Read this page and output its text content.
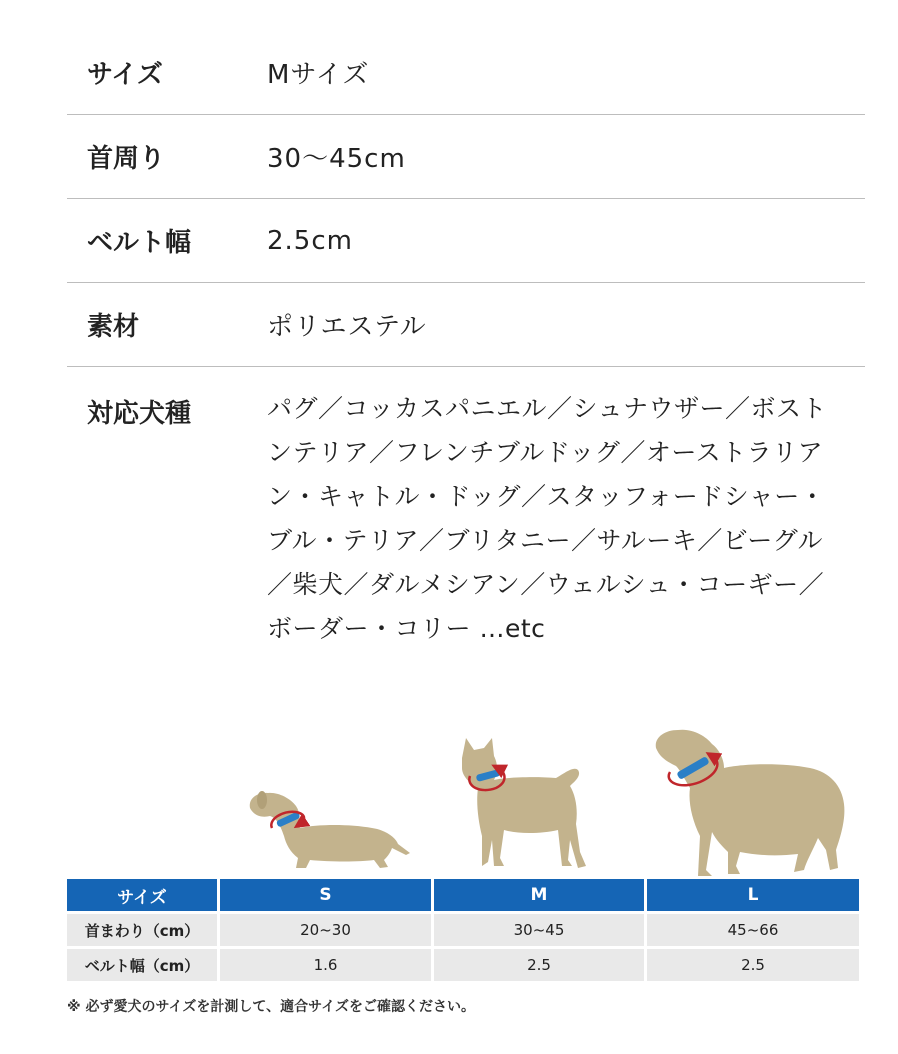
サイズ	Mサイズ
首周り	30～45cm
ベルト幅	2.5cm
素材	ポリエステル
対応犬種	パグ／コッカスパニエル／シュナウザー／ボストンテリア／フレンチブルドッグ／オーストラリアン・キャトル・ドッグ／スタッフォードシャー・ブル・テリア／ブリタニー／サルーキ／ビーグル／柴犬／ダルメシアン／ウェルシュ・コーギー／ボーダー・コリー …etc
サイズ	S	M	L
首まわり（cm）	20~30	30~45	45~66
ベルト幅（cm）	1.6	2.5	2.5
※ 必ず愛犬のサイズを計測して、適合サイズをご確認ください。
